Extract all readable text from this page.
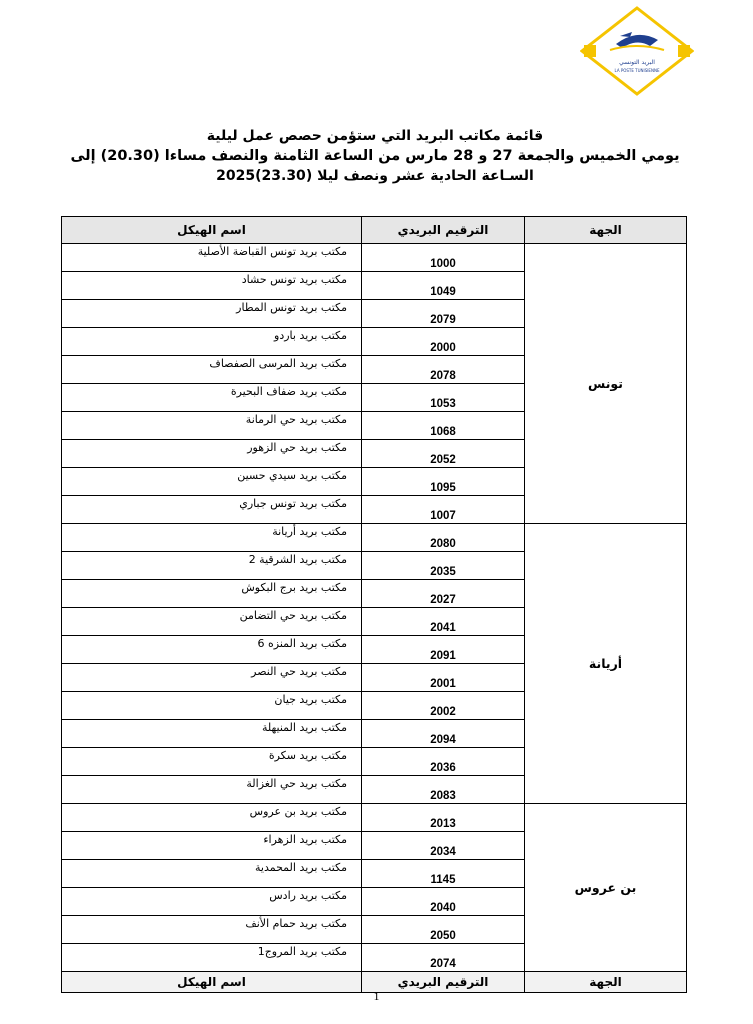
البريد التونسي
LA POSTE TUNISIENNE
قائمة مكاتب البريد التي ستؤمن حصص عمل ليلية
يومي الخميس والجمعة 27 و 28 مارس من الساعة الثامنة والنصف مساءا (20.30) إلى
السـاعة الحادية عشر ونصف ليلا (23.30)2025
الجهة	الترقيم البريدي	اسم الهيكل
تونس	1000	مكتب بريد تونس القباضة الأصلية
	1049	مكتب بريد تونس حشاد
	2079	مكتب بريد تونس المطار
	2000	مكتب بريد باردو
	2078	مكتب بريد المرسى الصفصاف
	1053	مكتب بريد ضفاف البحيرة
	1068	مكتب بريد حي الرمانة
	2052	مكتب بريد حي الزهور
	1095	مكتب بريد سيدي حسين
	1007	مكتب بريد تونس جباري
أريانة	2080	مكتب بريد أريانة
	2035	مكتب بريد الشرقية 2
	2027	مكتب بريد برج البكوش
	2041	مكتب بريد حي التضامن
	2091	مكتب بريد المنزه 6
	2001	مكتب بريد حي النصر
	2002	مكتب بريد جيان
	2094	مكتب بريد المنيهلة
	2036	مكتب بريد سكرة
	2083	مكتب بريد حي الغزالة
بن عروس	2013	مكتب بريد بن عروس
	2034	مكتب بريد الزهراء
	1145	مكتب بريد المحمدية
	2040	مكتب بريد رادس
	2050	مكتب بريد حمام الأنف
	2074	مكتب بريد المروج1
الجهة	الترقيم البريدي	اسم الهيكل
1
